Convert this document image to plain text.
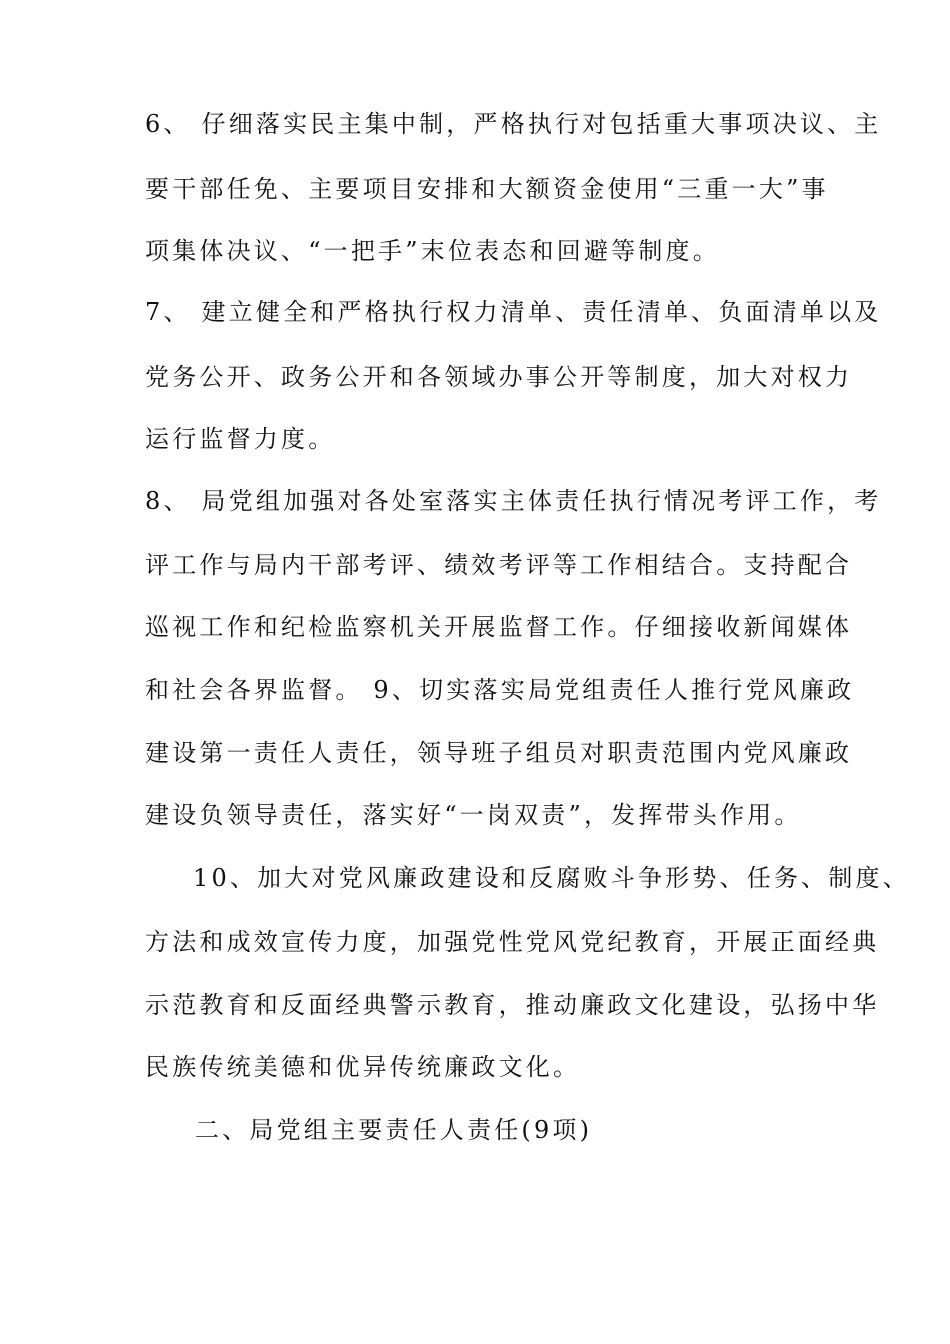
6、 仔细落实民主集中制，严格执行对包括重大事项决议、主
要干部任免、主要项目安排和大额资金使用“三重一大”事
项集体决议、“一把手”末位表态和回避等制度。
7、 建立健全和严格执行权力清单、责任清单、负面清单以及
党务公开、政务公开和各领域办事公开等制度，加大对权力
运行监督力度。
8、 局党组加强对各处室落实主体责任执行情况考评工作，考
评工作与局内干部考评、绩效考评等工作相结合。支持配合
巡视工作和纪检监察机关开展监督工作。仔细接收新闻媒体
和社会各界监督。 9、切实落实局党组责任人推行党风廉政
建设第一责任人责任，领导班子组员对职责范围内党风廉政
建设负领导责任，落实好“一岗双责”，发挥带头作用。
10、加大对党风廉政建设和反腐败斗争形势、任务、制度、
方法和成效宣传力度，加强党性党风党纪教育，开展正面经典
示范教育和反面经典警示教育，推动廉政文化建设，弘扬中华
民族传统美德和优异传统廉政文化。
二、局党组主要责任人责任(9项)
